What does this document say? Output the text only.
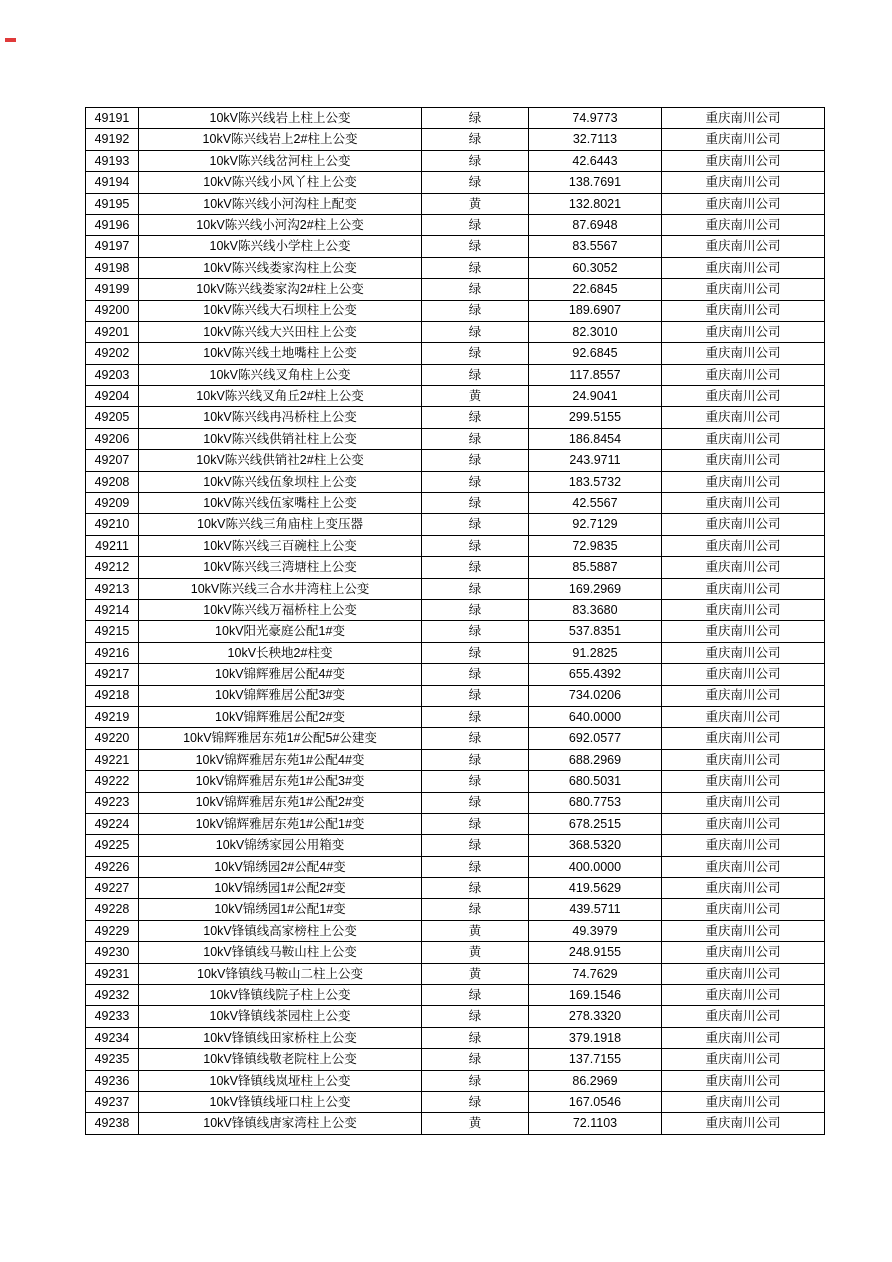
49191	10kV陈兴线岩上柱上公变	绿	74.9773	重庆南川公司
49192	10kV陈兴线岩上2#柱上公变	绿	32.7113	重庆南川公司
49193	10kV陈兴线岔河柱上公变	绿	42.6443	重庆南川公司
49194	10kV陈兴线小风丫柱上公变	绿	138.7691	重庆南川公司
49195	10kV陈兴线小河沟柱上配变	黄	132.8021	重庆南川公司
49196	10kV陈兴线小河沟2#柱上公变	绿	87.6948	重庆南川公司
49197	10kV陈兴线小学柱上公变	绿	83.5567	重庆南川公司
49198	10kV陈兴线娄家沟柱上公变	绿	60.3052	重庆南川公司
49199	10kV陈兴线娄家沟2#柱上公变	绿	22.6845	重庆南川公司
49200	10kV陈兴线大石坝柱上公变	绿	189.6907	重庆南川公司
49201	10kV陈兴线大兴田柱上公变	绿	82.3010	重庆南川公司
49202	10kV陈兴线土地嘴柱上公变	绿	92.6845	重庆南川公司
49203	10kV陈兴线叉角柱上公变	绿	117.8557	重庆南川公司
49204	10kV陈兴线叉角丘2#柱上公变	黄	24.9041	重庆南川公司
49205	10kV陈兴线冉冯桥柱上公变	绿	299.5155	重庆南川公司
49206	10kV陈兴线供销社柱上公变	绿	186.8454	重庆南川公司
49207	10kV陈兴线供销社2#柱上公变	绿	243.9711	重庆南川公司
49208	10kV陈兴线伍象坝柱上公变	绿	183.5732	重庆南川公司
49209	10kV陈兴线伍家嘴柱上公变	绿	42.5567	重庆南川公司
49210	10kV陈兴线三角庙柱上变压器	绿	92.7129	重庆南川公司
49211	10kV陈兴线三百碗柱上公变	绿	72.9835	重庆南川公司
49212	10kV陈兴线三湾塘柱上公变	绿	85.5887	重庆南川公司
49213	10kV陈兴线三合水井湾柱上公变	绿	169.2969	重庆南川公司
49214	10kV陈兴线万福桥柱上公变	绿	83.3680	重庆南川公司
49215	10kV阳光豪庭公配1#变	绿	537.8351	重庆南川公司
49216	10kV长秧地2#柱变	绿	91.2825	重庆南川公司
49217	10kV锦辉雅居公配4#变	绿	655.4392	重庆南川公司
49218	10kV锦辉雅居公配3#变	绿	734.0206	重庆南川公司
49219	10kV锦辉雅居公配2#变	绿	640.0000	重庆南川公司
49220	10kV锦辉雅居东苑1#公配5#公建变	绿	692.0577	重庆南川公司
49221	10kV锦辉雅居东苑1#公配4#变	绿	688.2969	重庆南川公司
49222	10kV锦辉雅居东苑1#公配3#变	绿	680.5031	重庆南川公司
49223	10kV锦辉雅居东苑1#公配2#变	绿	680.7753	重庆南川公司
49224	10kV锦辉雅居东苑1#公配1#变	绿	678.2515	重庆南川公司
49225	10kV锦绣家园公用箱变	绿	368.5320	重庆南川公司
49226	10kV锦绣园2#公配4#变	绿	400.0000	重庆南川公司
49227	10kV锦绣园1#公配2#变	绿	419.5629	重庆南川公司
49228	10kV锦绣园1#公配1#变	绿	439.5711	重庆南川公司
49229	10kV锋镇线高家榜柱上公变	黄	49.3979	重庆南川公司
49230	10kV锋镇线马鞍山柱上公变	黄	248.9155	重庆南川公司
49231	10kV锋镇线马鞍山二柱上公变	黄	74.7629	重庆南川公司
49232	10kV锋镇线院子柱上公变	绿	169.1546	重庆南川公司
49233	10kV锋镇线茶园柱上公变	绿	278.3320	重庆南川公司
49234	10kV锋镇线田家桥柱上公变	绿	379.1918	重庆南川公司
49235	10kV锋镇线敬老院柱上公变	绿	137.7155	重庆南川公司
49236	10kV锋镇线岚垭柱上公变	绿	86.2969	重庆南川公司
49237	10kV锋镇线垭口柱上公变	绿	167.0546	重庆南川公司
49238	10kV锋镇线唐家湾柱上公变	黄	72.1103	重庆南川公司
